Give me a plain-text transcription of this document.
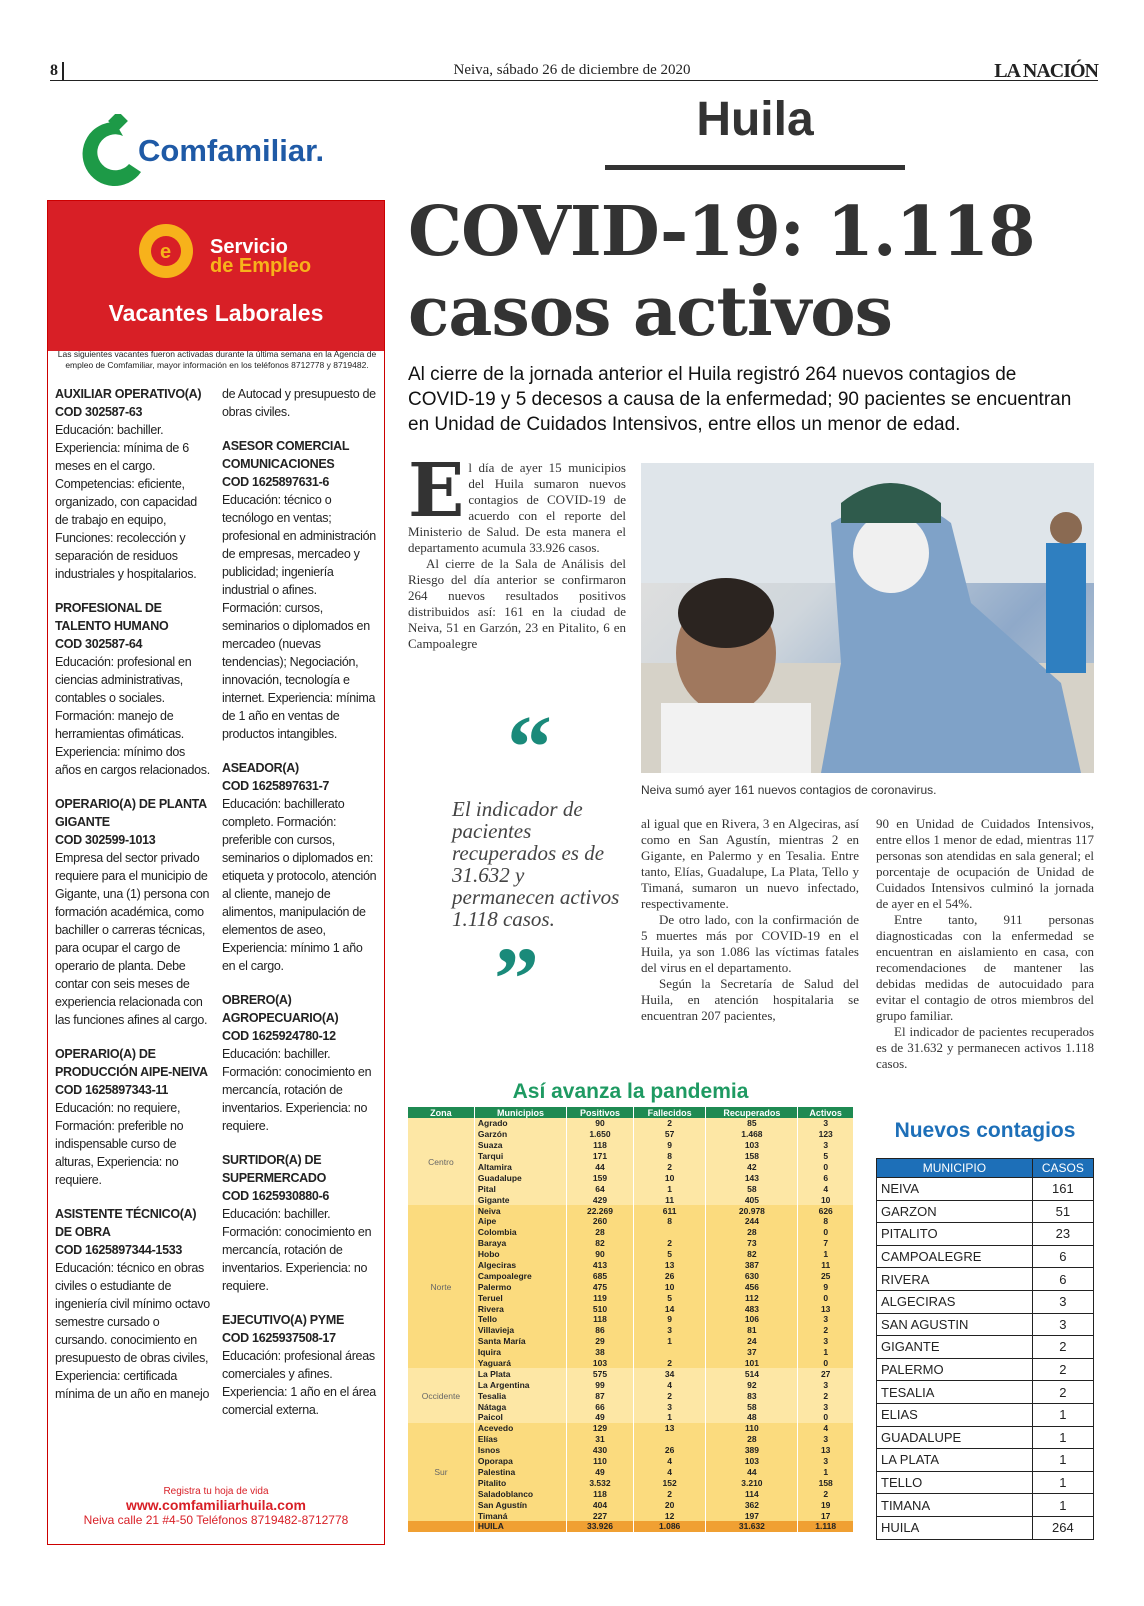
8	Neiva, sábado 26 de diciembre de 2020	LA NACIÓN
Huila
Comfamiliar.
e Servicio
de Empleo
Vacantes Laborales
Las siguientes vacantes fueron activadas durante la última semana en la Agencia de empleo de Comfamiliar, mayor información en los teléfonos 8712778 y 8719482.
AUXILIAR OPERATIVO(A)
COD 302587-63
Educación: bachiller. Experiencia: mínima de 6 meses en el cargo. Competencias: eficiente, organizado, con capacidad de trabajo en equipo, Funciones: recolección y separación de residuos industriales y hospitalarios.
PROFESIONAL DE TALENTO HUMANO
COD 302587-64
Educación: profesional en ciencias administrativas, contables o sociales. Formación: manejo de herramientas ofimáticas. Experiencia: mínimo dos años en cargos relacionados.
OPERARIO(A) DE PLANTA GIGANTE
COD 302599-1013
Empresa del sector privado requiere para el municipio de Gigante, una (1) persona con formación académica, como bachiller o carreras técnicas, para ocupar el cargo de operario de planta. Debe contar con seis meses de experiencia relacionada con las funciones afines al cargo.
OPERARIO(A) DE PRODUCCIÓN AIPE-NEIVA
COD 1625897343-11
Educación: no requiere, Formación: preferible no indispensable curso de alturas, Experiencia: no requiere.
ASISTENTE TÉCNICO(A) DE OBRA
COD 1625897344-1533
Educación: técnico en obras civiles o estudiante de ingeniería civil mínimo octavo semestre cursado o cursando. conocimiento en presupuesto de obras civiles, Experiencia: certificada mínima de un año en manejo
de Autocad y presupuesto de obras civiles.
ASESOR COMERCIAL COMUNICACIONES
COD 1625897631-6
Educación: técnico o tecnólogo en ventas; profesional en administración de empresas, mercadeo y publicidad; ingeniería industrial o afines. Formación: cursos, seminarios o diplomados en mercadeo (nuevas tendencias); Negociación, innovación, tecnología e internet. Experiencia: mínima de 1 año en ventas de productos intangibles.
ASEADOR(A)
COD 1625897631-7
Educación: bachillerato completo. Formación: preferible con cursos, seminarios o diplomados en: etiqueta y protocolo, atención al cliente, manejo de alimentos, manipulación de elementos de aseo, Experiencia: mínimo 1 año en el cargo.
OBRERO(A) AGROPECUARIO(A)
COD 1625924780-12
Educación: bachiller. Formación: conocimiento en mercancía, rotación de inventarios. Experiencia: no requiere.
SURTIDOR(A) DE SUPERMERCADO
COD 1625930880-6
Educación: bachiller. Formación: conocimiento en mercancía, rotación de inventarios. Experiencia: no requiere.
EJECUTIVO(A) PYME
COD 1625937508-17
Educación: profesional áreas comerciales y afines. Experiencia: 1 año en el área comercial externa.
Registra tu hoja de vida
www.comfamiliarhuila.com
Neiva calle 21 #4-50 Teléfonos 8719482-8712778
COVID-19: 1.118 casos activos
Al cierre de la jornada anterior el Huila registró 264 nuevos contagios de COVID-19 y 5 decesos a causa de la enfermedad; 90 pacientes se encuentran en Unidad de Cuidados Intensivos, entre ellos un menor de edad.

El día de ayer 15 municipios del Huila sumaron nuevos contagios de COVID-19 de acuerdo con el reporte del Ministerio de Salud. De esta manera el departamento acumula 33.926 casos.

Al cierre de la Sala de Análisis del Riesgo del día anterior se confirmaron 264 nuevos resultados positivos distribuidos así: 161 en la ciudad de Neiva, 51 en Garzón, 23 en Pitalito, 6 en Campoalegre

Neiva sumó ayer 161 nuevos contagios de coronavirus.
“
El indicador de pacientes recuperados es de 31.632 y permanecen activos 1.118 casos.
”

al igual que en Rivera, 3 en Algeciras, así como en San Agustín, mientras 2 en Gigante, en Palermo y en Tesalia. Entre tanto, Elías, Guadalupe, La Plata, Tello y Timaná, sumaron un nuevo infectado, respectivamente.

De otro lado, con la confirmación de 5 muertes más por COVID-19 en el Huila, ya son 1.086 las víctimas fatales del virus en el departamento.

Según la Secretaría de Salud del Huila, en atención hospitalaria se encuentran 207 pacientes,

90 en Unidad de Cuidados Intensivos, entre ellos 1 menor de edad, mientras 117 personas son atendidas en sala general; el porcentaje de ocupación de Unidad de Cuidados Intensivos culminó la jornada de ayer en el 54%.

Entre tanto, 911 personas diagnosticadas con la enfermedad se encuentran en aislamiento en casa, con recomendaciones de mantener las debidas medidas de autocuidado para evitar el contagio de otros miembros del grupo familiar.

El indicador de pacientes recuperados es de 31.632 y permanecen activos 1.118 casos.

Así avanza la pandemia
Zona	Municipios	Positivos	Fallecidos	Recuperados	Activos
Centro	Agrado	90	2	85	3
	Garzón	1.650	57	1.468	123
	Suaza	118	9	103	3
	Tarqui	171	8	158	5
	Altamira	44	2	42	0
	Guadalupe	159	10	143	6
	Pital	64	1	58	4
	Gigante	429	11	405	10
Norte	Neiva	22.269	611	20.978	626
	Aipe	260	8	244	8
	Colombia	28		28	0
	Baraya	82	2	73	7
	Hobo	90	5	82	1
	Algeciras	413	13	387	11
	Campoalegre	685	26	630	25
	Palermo	475	10	456	9
	Teruel	119	5	112	0
	Rivera	510	14	483	13
	Tello	118	9	106	3
	Villavieja	86	3	81	2
	Santa María	29	1	24	3
	Iquira	38		37	1
	Yaguará	103	2	101	0
Occidente	La Plata	575	34	514	27
	La Argentina	99	4	92	3
	Tesalia	87	2	83	2
	Nátaga	66	3	58	3
	Paicol	49	1	48	0
Sur	Acevedo	129	13	110	4
	Elías	31		28	3
	Isnos	430	26	389	13
	Oporapa	110	4	103	3
	Palestina	49	4	44	1
	Pitalito	3.532	152	3.210	158
	Saladoblanco	118	2	114	2
	San Agustín	404	20	362	19
	Timaná	227	12	197	17
	HUILA	33.926	1.086	31.632	1.118
Nuevos contagios
MUNICIPIO	CASOS
NEIVA	161
GARZON	51
PITALITO	23
CAMPOALEGRE	6
RIVERA	6
ALGECIRAS	3
SAN AGUSTIN	3
GIGANTE	2
PALERMO	2
TESALIA	2
ELIAS	1
GUADALUPE	1
LA PLATA	1
TELLO	1
TIMANA	1
HUILA	264
